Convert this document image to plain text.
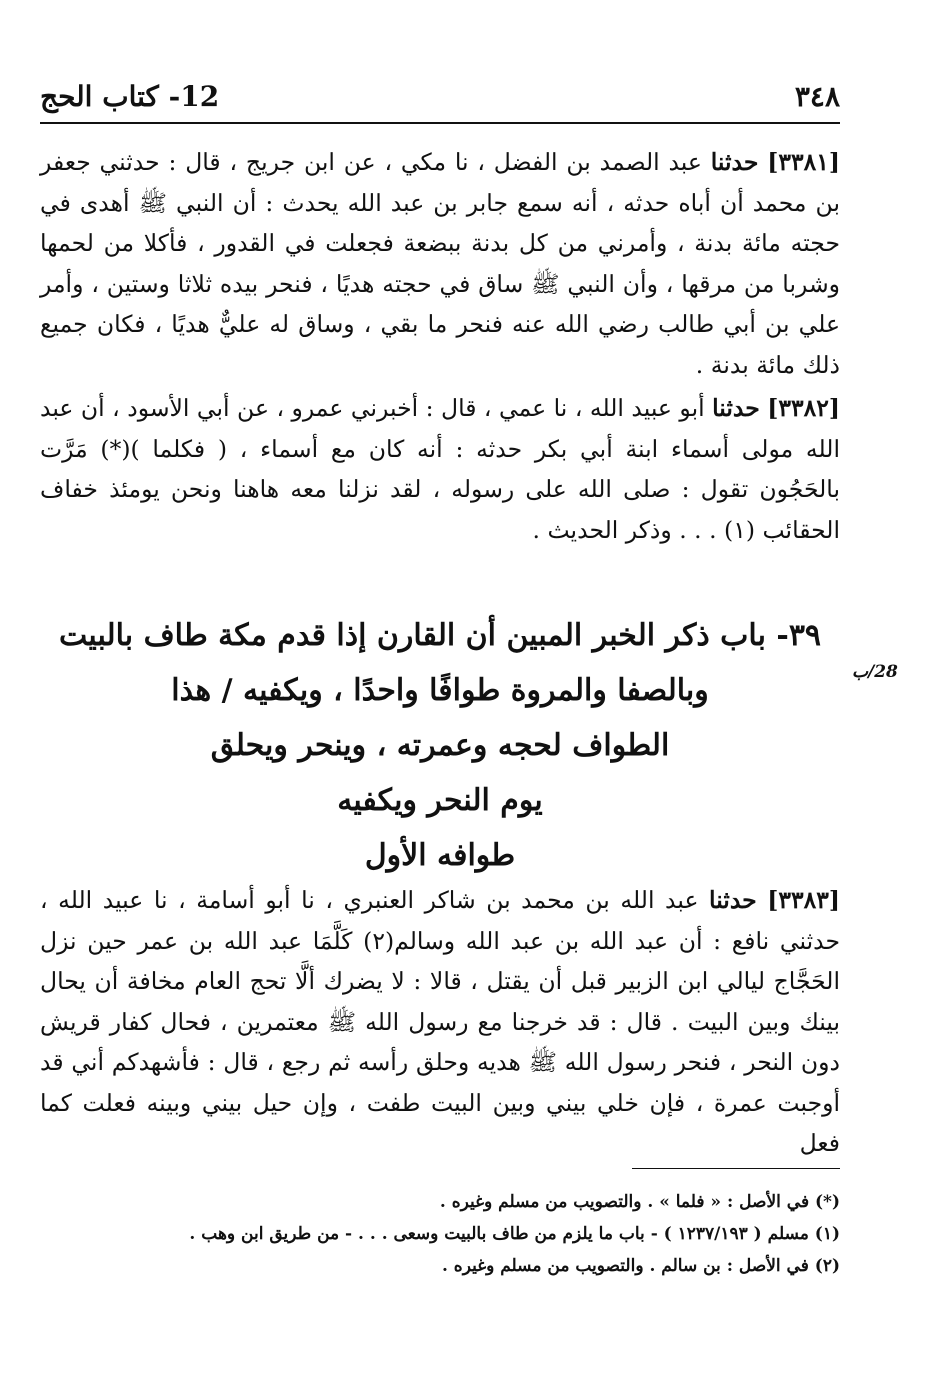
٣٤٨
12- كتاب الحج

[٣٣٨١] حدثنا عبد الصمد بن الفضل ، نا مكي ، عن ابن جريج ، قال : حدثني جعفر بن محمد أن أباه حدثه ، أنه سمع جابر بن عبد الله يحدث : أن النبي ﷺ أهدى في حجته مائة بدنة ، وأمرني من كل بدنة ببضعة فجعلت في القدور ، فأكلا من لحمها وشربا من مرقها ، وأن النبي ﷺ ساق في حجته هديًا ، فنحر بيده ثلاثا وستين ، وأمر علي بن أبي طالب رضي الله عنه فنحر ما بقي ، وساق له عليٌّ هديًا ، فكان جميع ذلك مائة بدنة .

[٣٣٨٢] حدثنا أبو عبيد الله ، نا عمي ، قال : أخبرني عمرو ، عن أبي الأسود ، أن عبد الله مولى أسماء ابنة أبي بكر حدثه : أنه كان مع أسماء ، ( فكلما )(*) مَرَّت بالحَجُون تقول : صلى الله على رسوله ، لقد نزلنا معه هاهنا ونحن يومئذ خفاف الحقائب (١) . . . وذكر الحديث .

٣٩- باب ذكر الخبر المبين أن القارن إذا قدم مكة طاف بالبيت
وبالصفا والمروة طوافًا واحدًا ، ويكفيه / هذا
الطواف لحجه وعمرته ، وينحر ويحلق
يوم النحر ويكفيه
طوافه الأول
28/ب

[٣٣٨٣] حدثنا عبد الله بن محمد بن شاكر العنبري ، نا أبو أسامة ، نا عبيد الله ، حدثني نافع : أن عبد الله بن عبد الله وسالم(٢) كَلَّمَا عبد الله بن عمر حين نزل الحَجَّاج ليالي ابن الزبير قبل أن يقتل ، قالا : لا يضرك ألَّا تحج العام مخافة أن يحال بينك وبين البيت . قال : قد خرجنا مع رسول الله ﷺ معتمرين ، فحال كفار قريش دون النحر ، فنحر رسول الله ﷺ هديه وحلق رأسه ثم رجع ، قال : فأشهدكم أني قد أوجبت عمرة ، فإن خلي بيني وبين البيت طفت ، وإن حيل بيني وبينه فعلت كما فعل

(*) في الأصل : « فلما » . والتصويب من مسلم وغيره .
(١) مسلم ( ١٢٣٧/١٩٣ ) - باب ما يلزم من طاف بالبيت وسعى . . . - من طريق ابن وهب .
(٢) في الأصل : بن سالم . والتصويب من مسلم وغيره .
